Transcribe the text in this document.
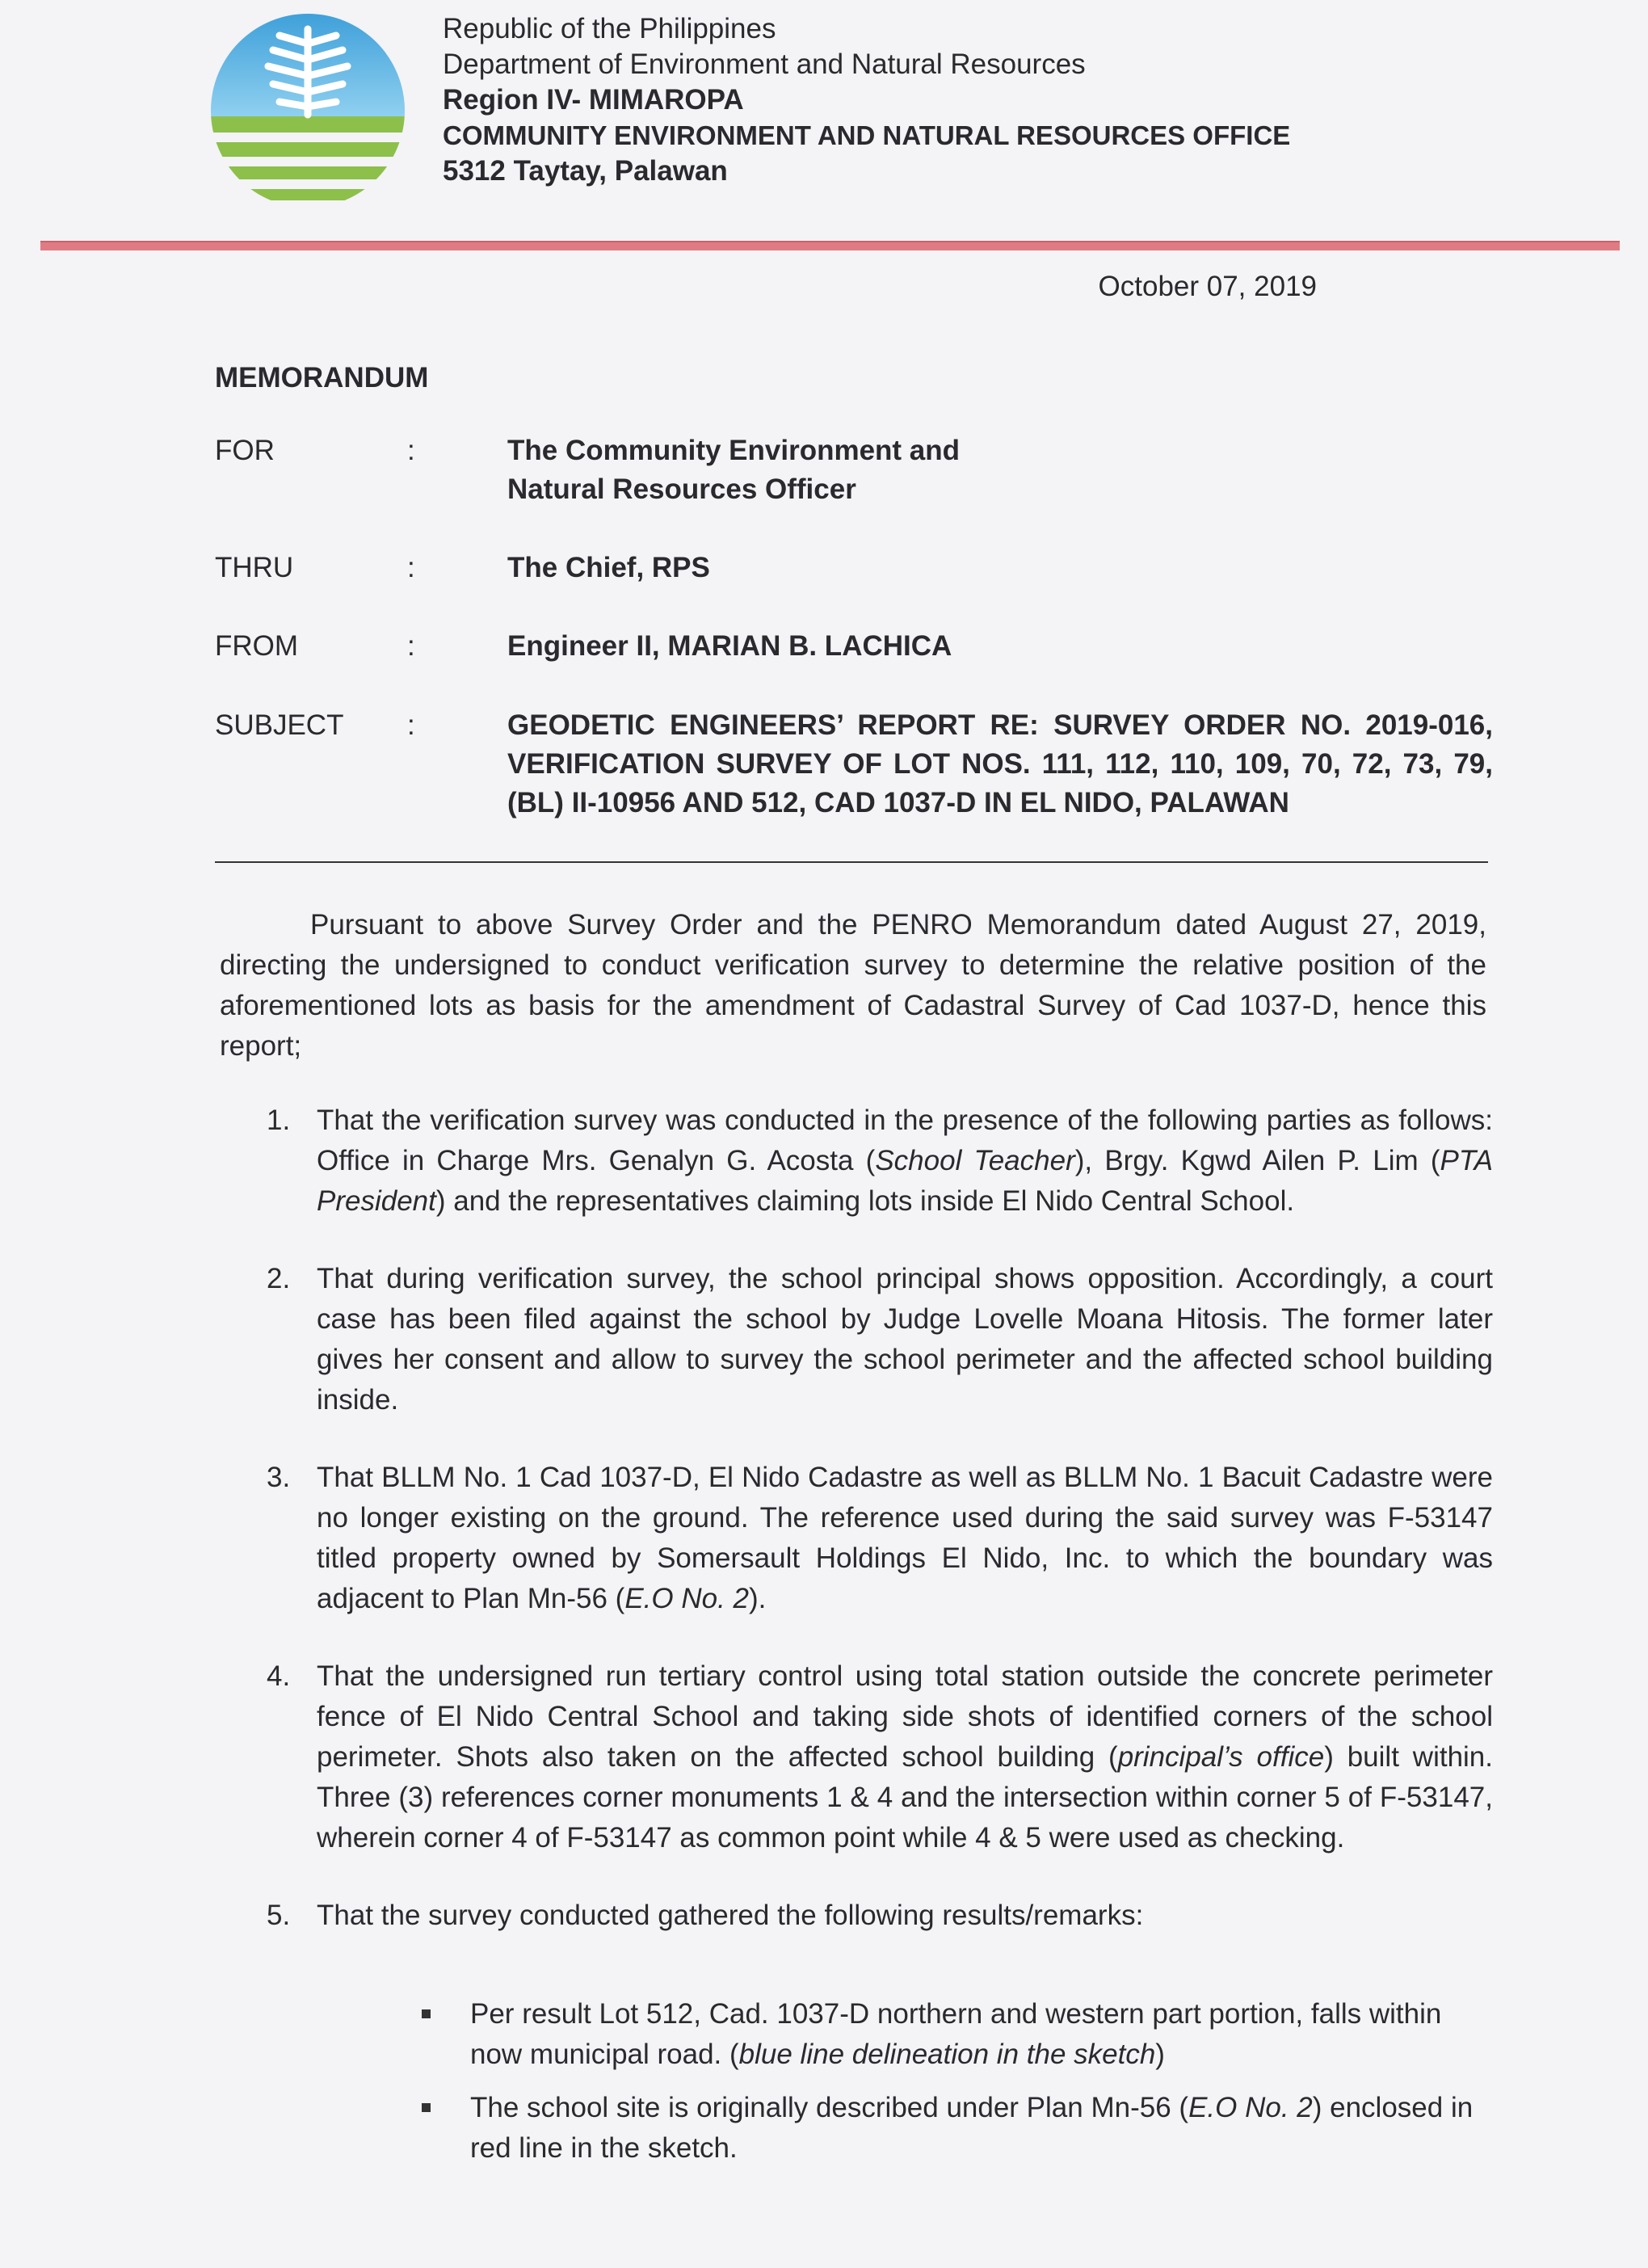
Republic of the Philippines
Department of Environment and Natural Resources
Region IV- MIMAROPA
COMMUNITY ENVIRONMENT AND NATURAL RESOURCES OFFICE
5312 Taytay, Palawan
October 07, 2019
MEMORANDUM
FOR	:	The Community Environment and
Natural Resources Officer
THRU	:	The Chief, RPS
FROM	:	Engineer II, MARIAN B. LACHICA
SUBJECT :	GEODETIC ENGINEERS’ REPORT RE: SURVEY ORDER NO. 2019-016, VERIFICATION SURVEY OF LOT NOS. 111, 112, 110, 109, 70, 72, 73, 79, (BL) II-10956 AND 512, CAD 1037-D IN EL NIDO, PALAWAN
Pursuant to above Survey Order and the PENRO Memorandum dated August 27, 2019, directing the undersigned to conduct verification survey to determine the relative position of the aforementioned lots as basis for the amendment of Cadastral Survey of Cad 1037-D, hence this report;
1. That the verification survey was conducted in the presence of the following parties as follows: Office in Charge Mrs. Genalyn G. Acosta (School Teacher), Brgy. Kgwd Ailen P. Lim (PTA President) and the representatives claiming lots inside El Nido Central School.
2. That during verification survey, the school principal shows opposition. Accordingly, a court case has been filed against the school by Judge Lovelle Moana Hitosis. The former later gives her consent and allow to survey the school perimeter and the affected school building inside.
3. That BLLM No. 1 Cad 1037-D, El Nido Cadastre as well as BLLM No. 1 Bacuit Cadastre were no longer existing on the ground. The reference used during the said survey was F-53147 titled property owned by Somersault Holdings El Nido, Inc. to which the boundary was adjacent to Plan Mn-56 (E.O No. 2).
4. That the undersigned run tertiary control using total station outside the concrete perimeter fence of El Nido Central School and taking side shots of identified corners of the school perimeter. Shots also taken on the affected school building (principal’s office) built within. Three (3) references corner monuments 1 & 4 and the intersection within corner 5 of F-53147, wherein corner 4 of F-53147 as common point while 4 & 5 were used as checking.
5. That the survey conducted gathered the following results/remarks:
Per result Lot 512, Cad. 1037-D northern and western part portion, falls within now municipal road. (blue line delineation in the sketch)
The school site is originally described under Plan Mn-56 (E.O No. 2) enclosed in red line in the sketch.
